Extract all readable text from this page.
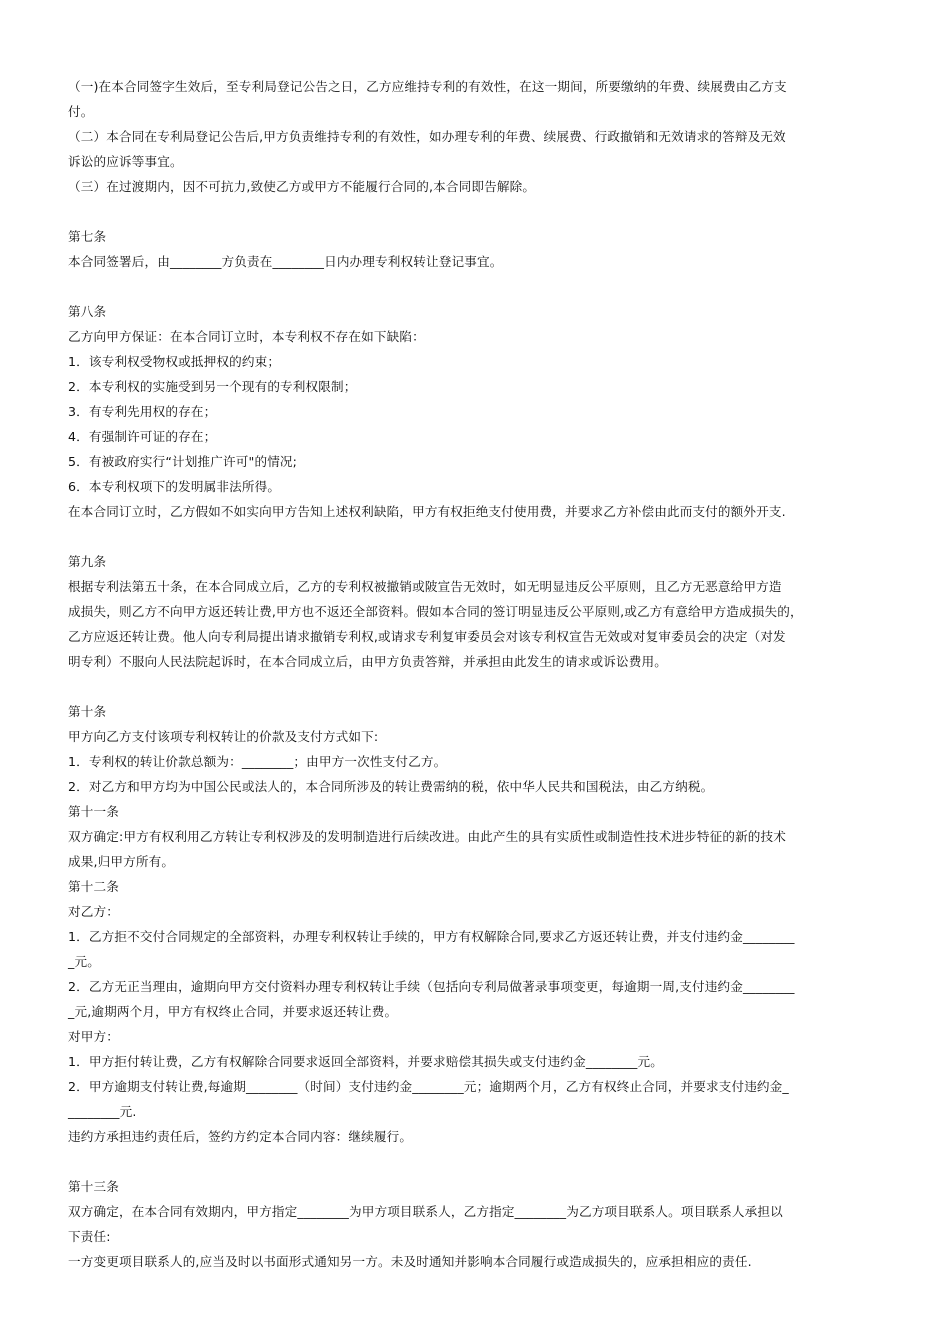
（一)在本合同签字生效后，至专利局登记公告之日，乙方应维持专利的有效性，在这一期间，所要缴纳的年费、续展费由乙方支
付。
（二）本合同在专利局登记公告后,甲方负责维持专利的有效性，如办理专利的年费、续展费、行政撤销和无效请求的答辩及无效
诉讼的应诉等事宜。
（三）在过渡期内，因不可抗力,致使乙方或甲方不能履行合同的,本合同即告解除。
第七条
本合同签署后，由________方负责在________日内办理专利权转让登记事宜。
第八条
乙方向甲方保证：在本合同订立时，本专利权不存在如下缺陷：
1．该专利权受物权或抵押权的约束；
2．本专利权的实施受到另一个现有的专利权限制；
3．有专利先用权的存在；
4．有强制许可证的存在；
5．有被政府实行“计划推广许可"的情况;
6．本专利权项下的发明属非法所得。
在本合同订立时，乙方假如不如实向甲方告知上述权利缺陷，甲方有权拒绝支付使用费，并要求乙方补偿由此而支付的额外开支.
第九条
根据专利法第五十条，在本合同成立后，乙方的专利权被撤销或陂宣告无效时，如无明显违反公平原则，且乙方无恶意给甲方造
成损失，则乙方不向甲方返还转让费,甲方也不返还全部资料。假如本合同的签订明显违反公平原则,或乙方有意给甲方造成损失的，
乙方应返还转让费。他人向专利局提出请求撤销专利权,或请求专利复审委员会对该专利权宣告无效或对复审委员会的决定（对发
明专利）不服向人民法院起诉时，在本合同成立后，由甲方负责答辩，并承担由此发生的请求或诉讼费用。
第十条
甲方向乙方支付该项专利权转让的价款及支付方式如下:
1．专利权的转让价款总额为：________；由甲方一次性支付乙方。
2．对乙方和甲方均为中国公民或法人的，本合同所涉及的转让费需纳的税，依中华人民共和国税法，由乙方纳税。
第十一条
双方确定:甲方有权利用乙方转让专利权涉及的发明制造进行后续改进。由此产生的具有实质性或制造性技术进步特征的新的技术
成果,归甲方所有。
第十二条
对乙方：
1．乙方拒不交付合同规定的全部资料，办理专利权转让手续的，甲方有权解除合同,要求乙方返还转让费，并支付违约金________
_元。
2．乙方无正当理由，逾期向甲方交付资料办理专利权转让手续（包括向专利局做著录事项变更，每逾期一周,支付违约金________
_元,逾期两个月，甲方有权终止合同，并要求返还转让费。
对甲方：
1．甲方拒付转让费，乙方有权解除合同要求返回全部资料，并要求赔偿其损失或支付违约金________元。
2．甲方逾期支付转让费,每逾期________（时间）支付违约金________元；逾期两个月，乙方有权终止合同，并要求支付违约金_
________元.
违约方承担违约责任后，签约方约定本合同内容：继续履行。
第十三条
双方确定，在本合同有效期内，甲方指定________为甲方项目联系人，乙方指定________为乙方项目联系人。项目联系人承担以
下责任:
一方变更项目联系人的,应当及时以书面形式通知另一方。未及时通知并影响本合同履行或造成损失的，应承担相应的责任.
